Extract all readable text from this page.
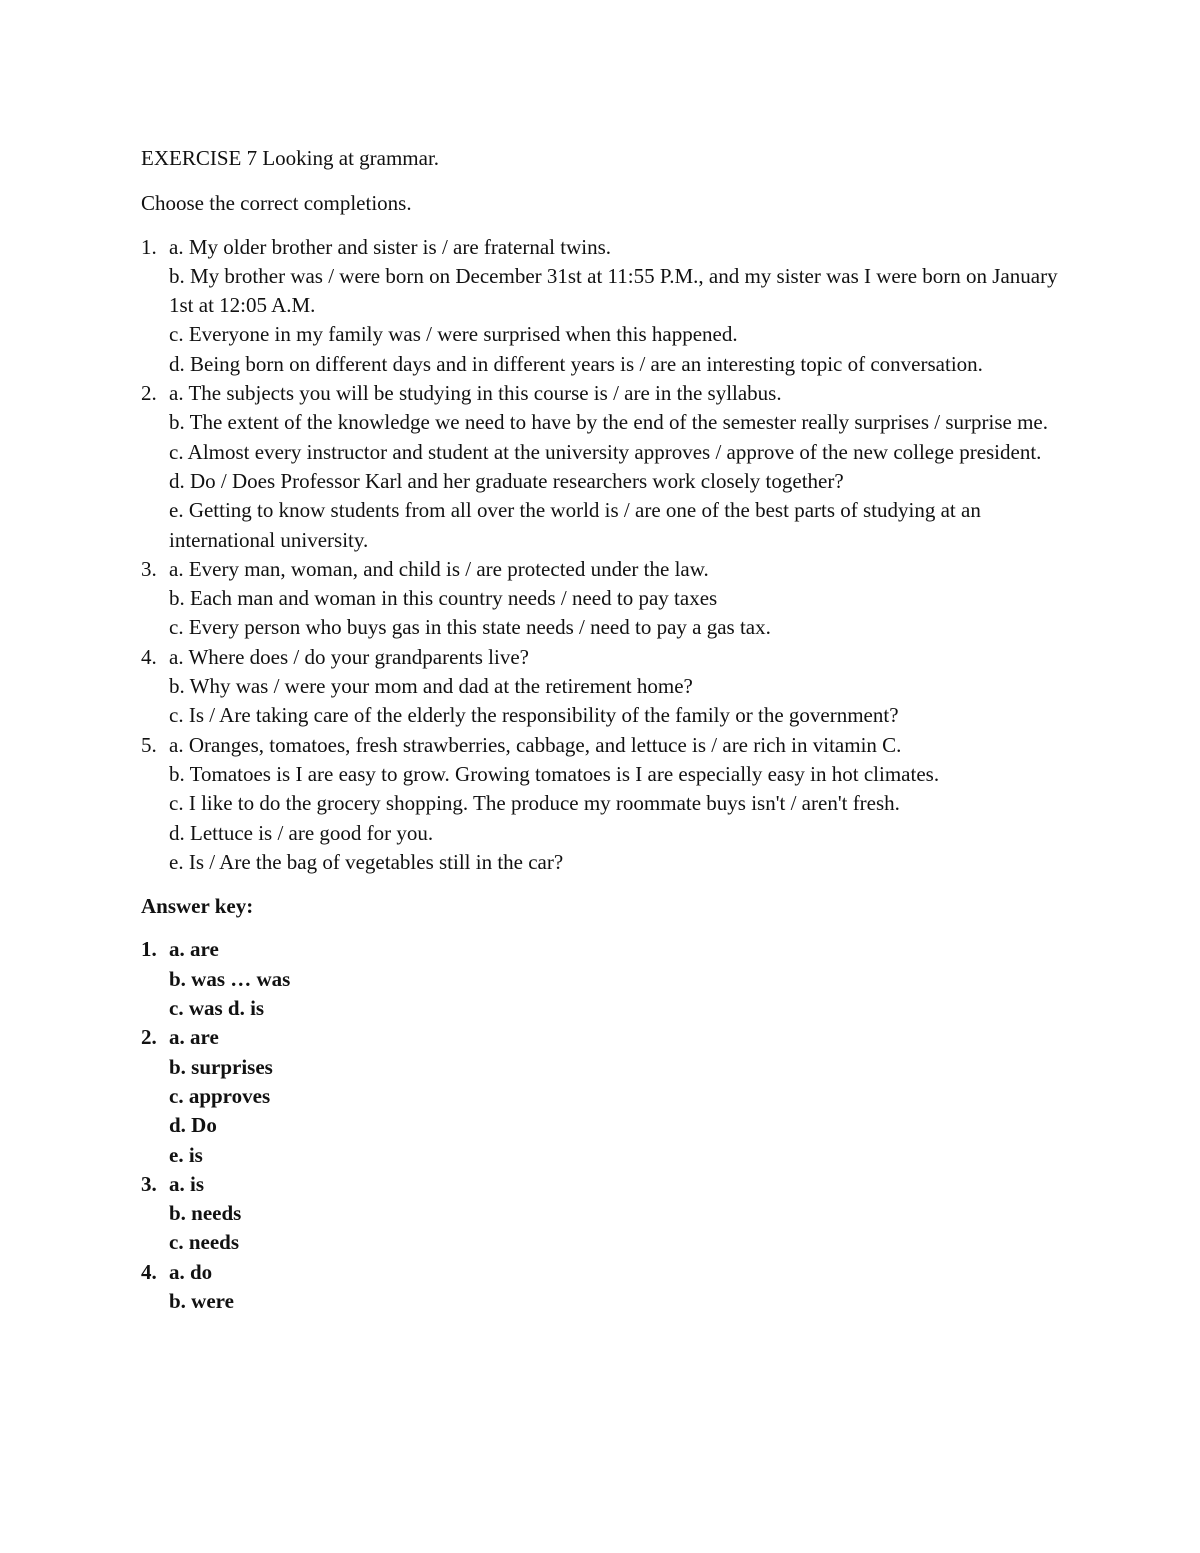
EXERCISE 7 Looking at grammar.

Choose the correct completions.

1. a. My older brother and sister is / are fraternal twins.
b. My brother was / were born on December 31st at 11:55 P.M., and my sister was I were born on January 1st at 12:05 A.M.
c. Everyone in my family was / were surprised when this happened.
d. Being born on different days and in different years is / are an interesting topic of conversation.
2. a. The subjects you will be studying in this course is / are in the syllabus.
b. The extent of the knowledge we need to have by the end of the semester really surprises / surprise me.
c. Almost every instructor and student at the university approves / approve of the new college president.
d. Do / Does Professor Karl and her graduate researchers work closely together?
e. Getting to know students from all over the world is / are one of the best parts of studying at an international university.
3. a. Every man, woman, and child is / are protected under the law.
b. Each man and woman in this country needs / need to pay taxes
c. Every person who buys gas in this state needs / need to pay a gas tax.
4. a. Where does / do your grandparents live?
b. Why was / were your mom and dad at the retirement home?
c. Is / Are taking care of the elderly the responsibility of the family or the government?
5. a. Oranges, tomatoes, fresh strawberries, cabbage, and lettuce is / are rich in vitamin C.
b. Tomatoes is I are easy to grow. Growing tomatoes is I are especially easy in hot climates.
c. I like to do the grocery shopping. The produce my roommate buys isn't / aren't fresh.
d. Lettuce is / are good for you.
e. Is / Are the bag of vegetables still in the car?

Answer key:

1. a. are
b. was … was
c. was d. is
2. a. are
b. surprises
c. approves
d. Do
e. is
3. a. is
b. needs
c. needs
4. a. do
b. were
